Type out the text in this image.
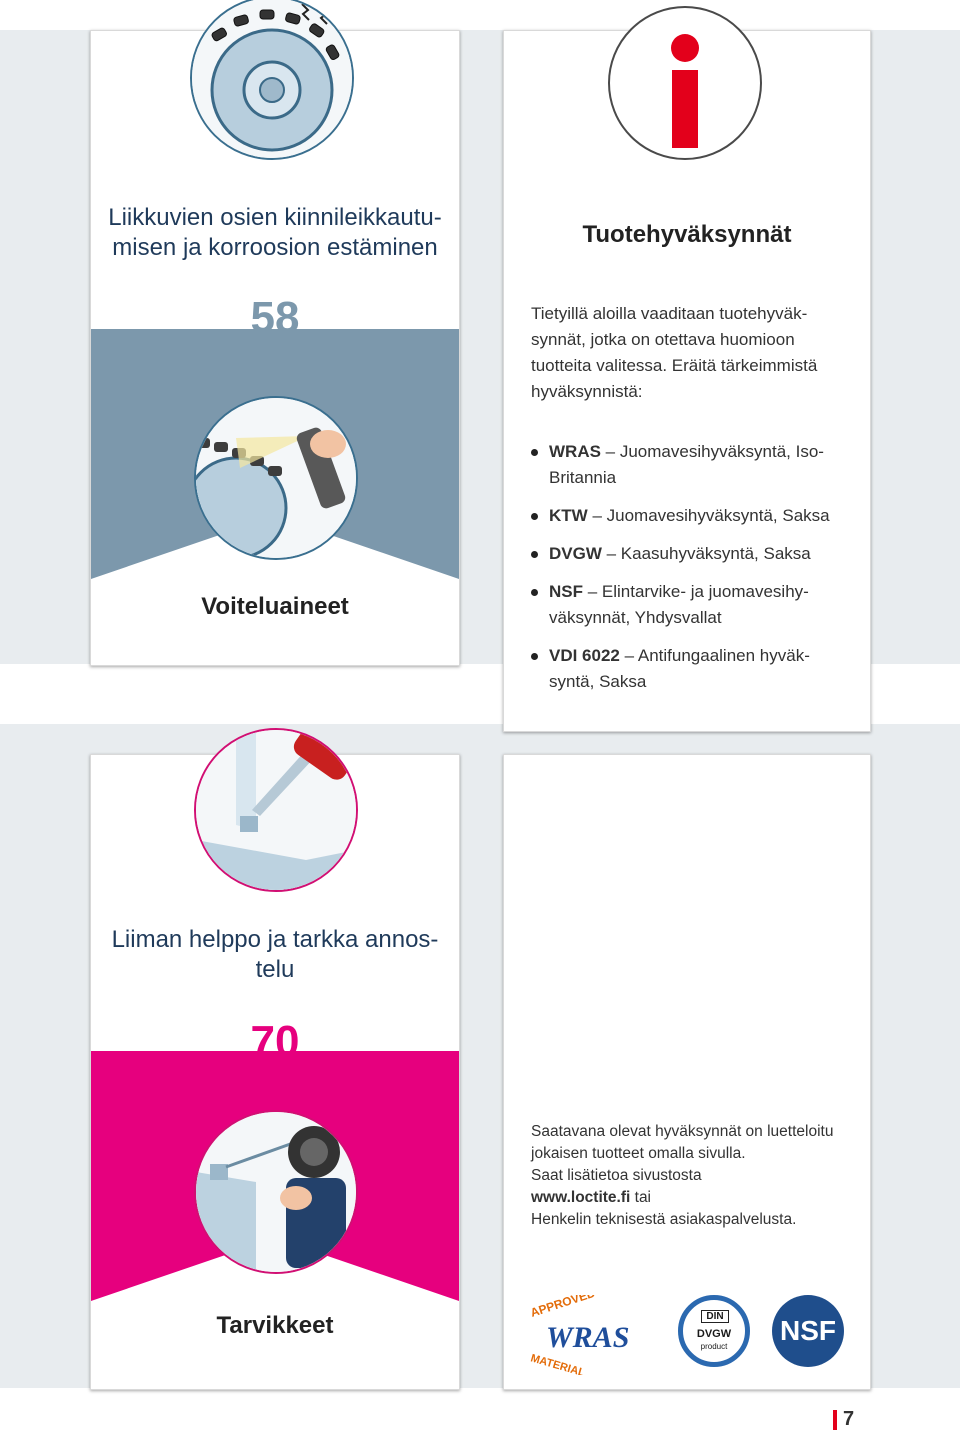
Liikkuvien osien kiinnileikkautu-
misen ja korroosion estäminen
58
Voiteluaineet
Tuotehyväksynnät
Tietyillä aloilla vaaditaan tuotehyväk-
synnät, jotka on otettava huomioon
tuotteita valitessa. Eräitä tärkeimmistä
hyväksynnistä:
WRAS – Juomavesihyväksyntä, Iso-Britannia
KTW – Juomavesihyväksyntä, Saksa
DVGW – Kaasuhyväksyntä, Saksa
NSF – Elintarvike- ja juomavesihy-väksynnät, Yhdysvallat
VDI 6022 – Antifungaalinen hyväk-syntä, Saksa
Liiman helppo ja tarkka annos-
telu
70
Tarvikkeet
Saatavana olevat hyväksynnät on luetteloitu
jokaisen tuotteet omalla sivulla.
Saat lisätietoa sivustosta
www.loctite.fi tai
Henkelin teknisestä asiakaspalvelusta.
APPROVED
WRAS
MATERIAL
DIN
DVGW
product
NSF
7
